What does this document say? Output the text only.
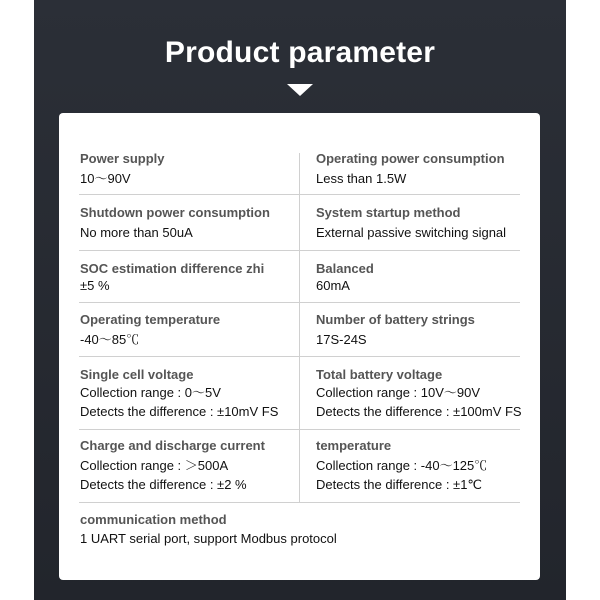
Product parameter
Power supply
10～90V
Operating power consumption
Less than 1.5W
Shutdown power consumption
No more than 50uA
System startup method
External passive switching signal
SOC estimation difference zhi
±5 %
Balanced
60mA
Operating temperature
-40～85℃
Number of battery strings
17S-24S
Single cell voltage
Collection range : 0～5V
Detects the difference : ±10mV FS
Total battery voltage
Collection range : 10V～90V
Detects the difference : ±100mV FS
Charge and discharge current
Collection range : ＞500A
Detects the difference : ±2 %
temperature
Collection range : -40～125℃
Detects the difference : ±1℃
communication method
1 UART serial port, support Modbus protocol
